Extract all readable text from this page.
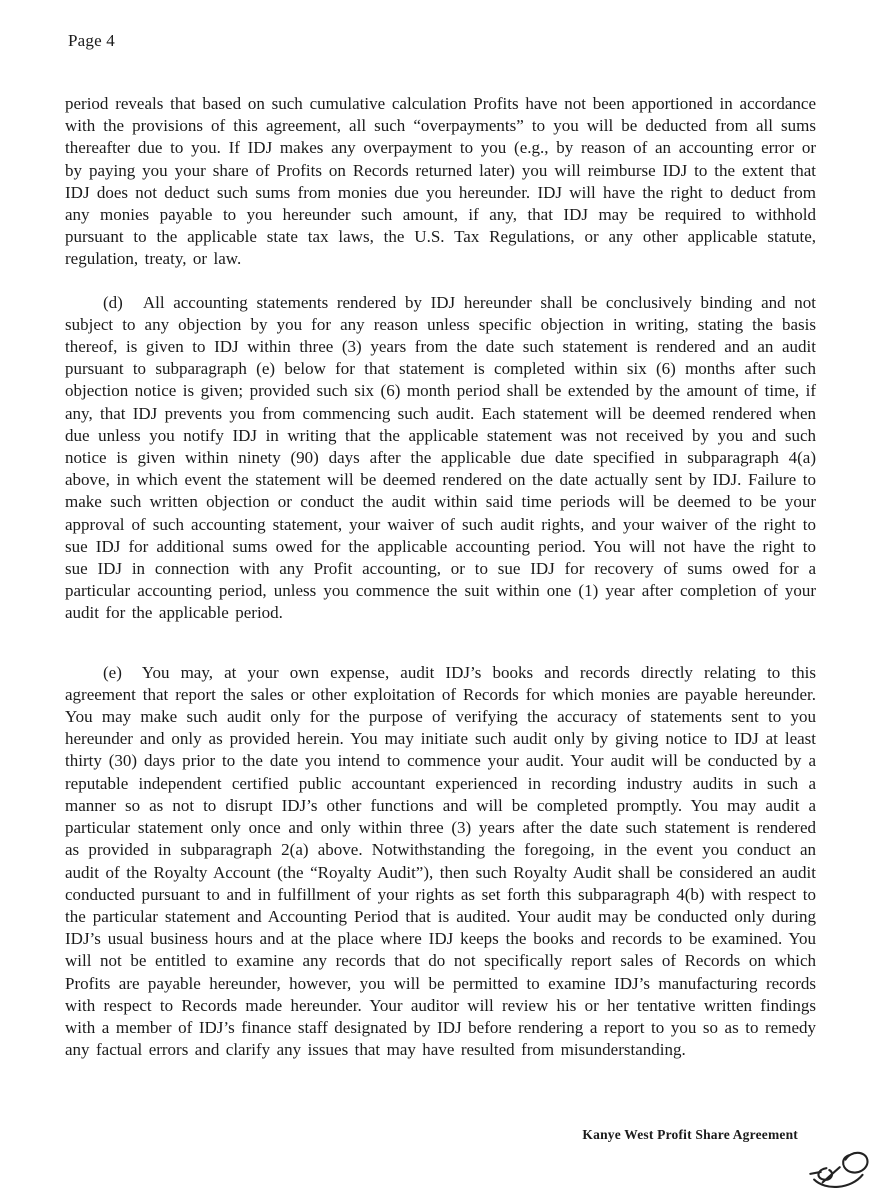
Page 4

period reveals that based on such cumulative calculation Profits have not been apportioned in accordance with the provisions of this agreement, all such “overpayments” to you will be deducted from all sums thereafter due to you. If IDJ makes any overpayment to you (e.g., by reason of an accounting error or by paying you your share of Profits on Records returned later) you will reimburse IDJ to the extent that IDJ does not deduct such sums from monies due you hereunder. IDJ will have the right to deduct from any monies payable to you hereunder such amount, if any, that IDJ may be required to withhold pursuant to the applicable state tax laws, the U.S. Tax Regulations, or any other applicable statute, regulation, treaty, or law.

(d) All accounting statements rendered by IDJ hereunder shall be conclusively binding and not subject to any objection by you for any reason unless specific objection in writing, stating the basis thereof, is given to IDJ within three (3) years from the date such statement is rendered and an audit pursuant to subparagraph (e) below for that statement is completed within six (6) months after such objection notice is given; provided such six (6) month period shall be extended by the amount of time, if any, that IDJ prevents you from commencing such audit. Each statement will be deemed rendered when due unless you notify IDJ in writing that the applicable statement was not received by you and such notice is given within ninety (90) days after the applicable due date specified in subparagraph 4(a) above, in which event the statement will be deemed rendered on the date actually sent by IDJ. Failure to make such written objection or conduct the audit within said time periods will be deemed to be your approval of such accounting statement, your waiver of such audit rights, and your waiver of the right to sue IDJ for additional sums owed for the applicable accounting period. You will not have the right to sue IDJ in connection with any Profit accounting, or to sue IDJ for recovery of sums owed for a particular accounting period, unless you commence the suit within one (1) year after completion of your audit for the applicable period.

(e) You may, at your own expense, audit IDJ’s books and records directly relating to this agreement that report the sales or other exploitation of Records for which monies are payable hereunder. You may make such audit only for the purpose of verifying the accuracy of statements sent to you hereunder and only as provided herein. You may initiate such audit only by giving notice to IDJ at least thirty (30) days prior to the date you intend to commence your audit. Your audit will be conducted by a reputable independent certified public accountant experienced in recording industry audits in such a manner so as not to disrupt IDJ’s other functions and will be completed promptly. You may audit a particular statement only once and only within three (3) years after the date such statement is rendered as provided in subparagraph 2(a) above. Notwithstanding the foregoing, in the event you conduct an audit of the Royalty Account (the “Royalty Audit”), then such Royalty Audit shall be considered an audit conducted pursuant to and in fulfillment of your rights as set forth this subparagraph 4(b) with respect to the particular statement and Accounting Period that is audited. Your audit may be conducted only during IDJ’s usual business hours and at the place where IDJ keeps the books and records to be examined. You will not be entitled to examine any records that do not specifically report sales of Records on which Profits are payable hereunder, however, you will be permitted to examine IDJ’s manufacturing records with respect to Records made hereunder. Your auditor will review his or her tentative written findings with a member of IDJ’s finance staff designated by IDJ before rendering a report to you so as to remedy any factual errors and clarify any issues that may have resulted from misunderstanding.

Kanye West Profit Share Agreement
